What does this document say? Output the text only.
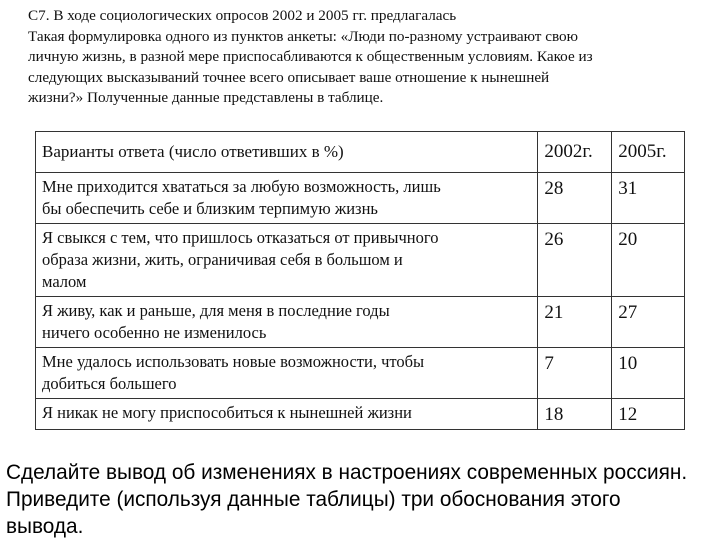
С7. В ходе социологических опросов 2002 и 2005 гг. предлагалась
Такая формулировка одного из пунктов анкеты: «Люди по-разному устраивают свою
личную жизнь, в разной мере приспосабливаются к общественным условиям. Какое из
следующих высказываний точнее всего описывает ваше отношение к нынешней
жизни?» Полученные данные представлены в таблице.
Варианты ответа (число ответивших в %)	2002г.	2005г.

Мне приходится хвататься за любую возможность, лишь
бы обеспечить себе и близким терпимую жизнь	28	31

Я свыкся с тем, что пришлось отказаться от привычного
образа жизни, жить, ограничивая себя в большом и
малом	26	20

Я живу, как и раньше, для меня в последние годы
ничего особенно не изменилось	21	27

Мне удалось использовать новые возможности, чтобы
добиться большего	7	10

Я никак не могу приспособиться к нынешней жизни	18	12
Сделайте вывод об изменениях в настроениях современных россиян.
Приведите (используя данные таблицы) три обоснования этого
вывода.
